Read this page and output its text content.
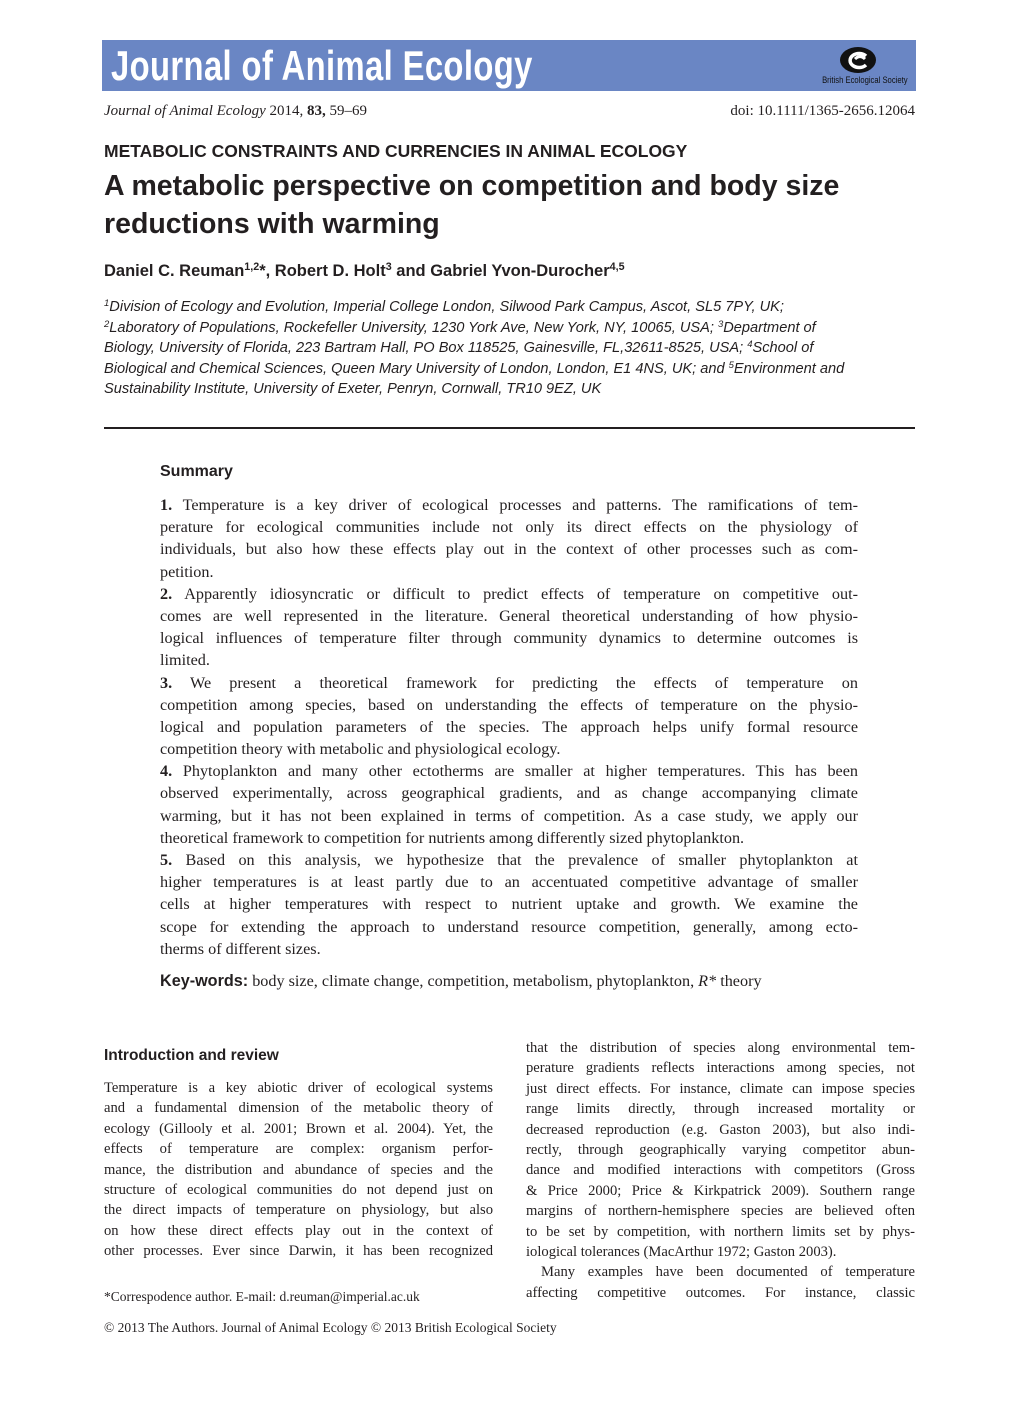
Journal of Animal Ecology	British Ecological Society
Journal of Animal Ecology 2014, 83, 59–69	doi: 10.1111/1365-2656.12064
METABOLIC CONSTRAINTS AND CURRENCIES IN ANIMAL ECOLOGY
A metabolic perspective on competition and body size reductions with warming
Daniel C. Reuman$^{1,2}$*, Robert D. Holt$^3$ and Gabriel Yvon-Durocher$^{4,5}$
$^1$Division of Ecology and Evolution, Imperial College London, Silwood Park Campus, Ascot, SL5 7PY, UK;
$^2$Laboratory of Populations, Rockefeller University, 1230 York Ave, New York, NY, 10065, USA; $^3$Department of
Biology, University of Florida, 223 Bartram Hall, PO Box 118525, Gainesville, FL,32611-8525, USA; $^4$School of
Biological and Chemical Sciences, Queen Mary University of London, London, E1 4NS, UK; and $^5$Environment and
Sustainability Institute, University of Exeter, Penryn, Cornwall, TR10 9EZ, UK
Summary
1. Temperature is a key driver of ecological processes and patterns. The ramifications of tem-
perature for ecological communities include not only its direct effects on the physiology of
individuals, but also how these effects play out in the context of other processes such as com-
petition.
2. Apparently idiosyncratic or difficult to predict effects of temperature on competitive out-
comes are well represented in the literature. General theoretical understanding of how physio-
logical influences of temperature filter through community dynamics to determine outcomes is
limited.
3. We present a theoretical framework for predicting the effects of temperature on
competition among species, based on understanding the effects of temperature on the physio-
logical and population parameters of the species. The approach helps unify formal resource
competition theory with metabolic and physiological ecology.
4. Phytoplankton and many other ectotherms are smaller at higher temperatures. This has been
observed experimentally, across geographical gradients, and as change accompanying climate
warming, but it has not been explained in terms of competition. As a case study, we apply our
theoretical framework to competition for nutrients among differently sized phytoplankton.
5. Based on this analysis, we hypothesize that the prevalence of smaller phytoplankton at
higher temperatures is at least partly due to an accentuated competitive advantage of smaller
cells at higher temperatures with respect to nutrient uptake and growth. We examine the
scope for extending the approach to understand resource competition, generally, among ecto-
therms of different sizes.
Key-words: body size, climate change, competition, metabolism, phytoplankton, R* theory
Introduction and review
Temperature is a key abiotic driver of ecological systems
and a fundamental dimension of the metabolic theory of
ecology (Gillooly et al. 2001; Brown et al. 2004). Yet, the
effects of temperature are complex: organism perfor-
mance, the distribution and abundance of species and the
structure of ecological communities do not depend just on
the direct impacts of temperature on physiology, but also
on how these direct effects play out in the context of
other processes. Ever since Darwin, it has been recognized
that the distribution of species along environmental tem-
perature gradients reflects interactions among species, not
just direct effects. For instance, climate can impose species
range limits directly, through increased mortality or
decreased reproduction (e.g. Gaston 2003), but also indi-
rectly, through geographically varying competitor abun-
dance and modified interactions with competitors (Gross
& Price 2000; Price & Kirkpatrick 2009). Southern range
margins of northern-hemisphere species are believed often
to be set by competition, with northern limits set by phys-
iological tolerances (MacArthur 1972; Gaston 2003).
Many examples have been documented of temperature
affecting competitive outcomes. For instance, classic
*Correspodence author. E-mail: d.reuman@imperial.ac.uk
© 2013 The Authors. Journal of Animal Ecology © 2013 British Ecological Society
